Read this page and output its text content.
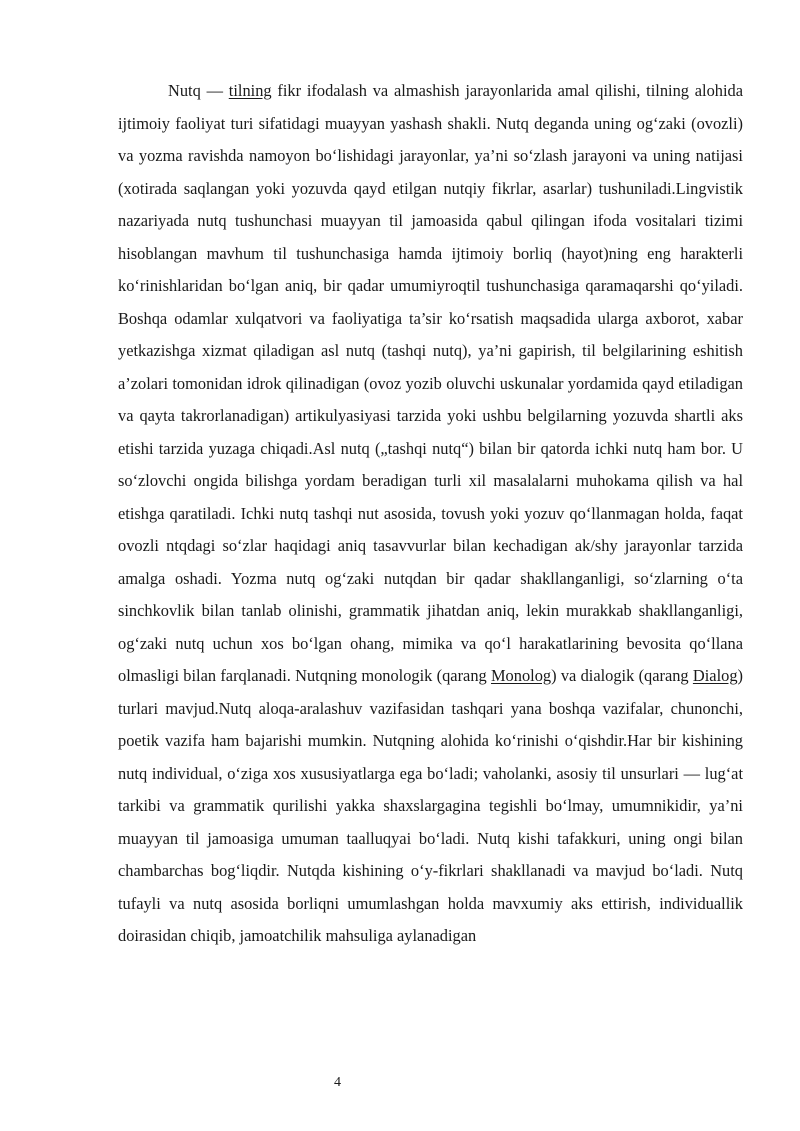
Nutq — tilning fikr ifodalash va almashish jarayonlarida amal qilishi, tilning alohida ijtimoiy faoliyat turi sifatidagi muayyan yashash shakli. Nutq deganda uning og‘zaki (ovozli) va yozma ravishda namoyon bo‘lishidagi jarayonlar, ya’ni so‘zlash jarayoni va uning natijasi (xotirada saqlangan yoki yozuvda qayd etilgan nutqiy fikrlar, asarlar) tushuniladi.Lingvistik nazariyada nutq tushunchasi muayyan til jamoasida qabul qilingan ifoda vositalari tizimi hisoblangan mavhum til tushunchasiga hamda ijtimoiy borliq (hayot)ning eng harakterli ko‘rinishlaridan bo‘lgan aniq, bir qadar umumiyroqtil tushunchasiga qaramaqarshi qo‘yiladi. Boshqa odamlar xulqatvori va faoliyatiga ta’sir ko‘rsatish maqsadida ularga axborot, xabar yetkazishga xizmat qiladigan asl nutq (tashqi nutq), ya’ni gapirish, til belgilarining eshitish a’zolari tomonidan idrok qilinadigan (ovoz yozib oluvchi uskunalar yordamida qayd etiladigan va qayta takrorlanadigan) artikulyasiyasi tarzida yoki ushbu belgilarning yozuvda shartli aks etishi tarzida yuzaga chiqadi.Asl nutq („tashqi nutq“) bilan bir qatorda ichki nutq ham bor. U so‘zlovchi ongida bilishga yordam beradigan turli xil masalalarni muhokama qilish va hal etishga qaratiladi. Ichki nutq tashqi nut asosida, tovush yoki yozuv qo‘llanmagan holda, faqat ovozli ntqdagi so‘zlar haqidagi aniq tasavvurlar bilan kechadigan ak/shy jarayonlar tarzida amalga oshadi. Yozma nutq og‘zaki nutqdan bir qadar shakllanganligi, so‘zlarning o‘ta sinchkovlik bilan tanlab olinishi, grammatik jihatdan aniq, lekin murakkab shakllanganligi, og‘zaki nutq uchun xos bo‘lgan ohang, mimika va qo‘l harakatlarining bevosita qo‘llana olmasligi bilan farqlanadi. Nutqning monologik (qarang Monolog) va dialogik (qarang Dialog) turlari mavjud.Nutq aloqa-aralashuv vazifasidan tashqari yana boshqa vazifalar, chunonchi, poetik vazifa ham bajarishi mumkin. Nutqning alohida ko‘rinishi o‘qishdir.Har bir kishining nutq individual, o‘ziga xos xususiyatlarga ega bo‘ladi; vaholanki, asosiy til unsurlari — lug‘at tarkibi va grammatik qurilishi yakka shaxslargagina tegishli bo‘lmay, umumnikidir, ya’ni muayyan til jamoasiga umuman taalluqyai bo‘ladi. Nutq kishi tafakkuri, uning ongi bilan chambarchas bog‘liqdir. Nutqda kishining o‘y-fikrlari shakllanadi va mavjud bo‘ladi. Nutq tufayli va nutq asosida borliqni umumlashgan holda mavxumiy aks ettirish, individuallik doirasidan chiqib, jamoatchilik mahsuliga aylanadigan

4
